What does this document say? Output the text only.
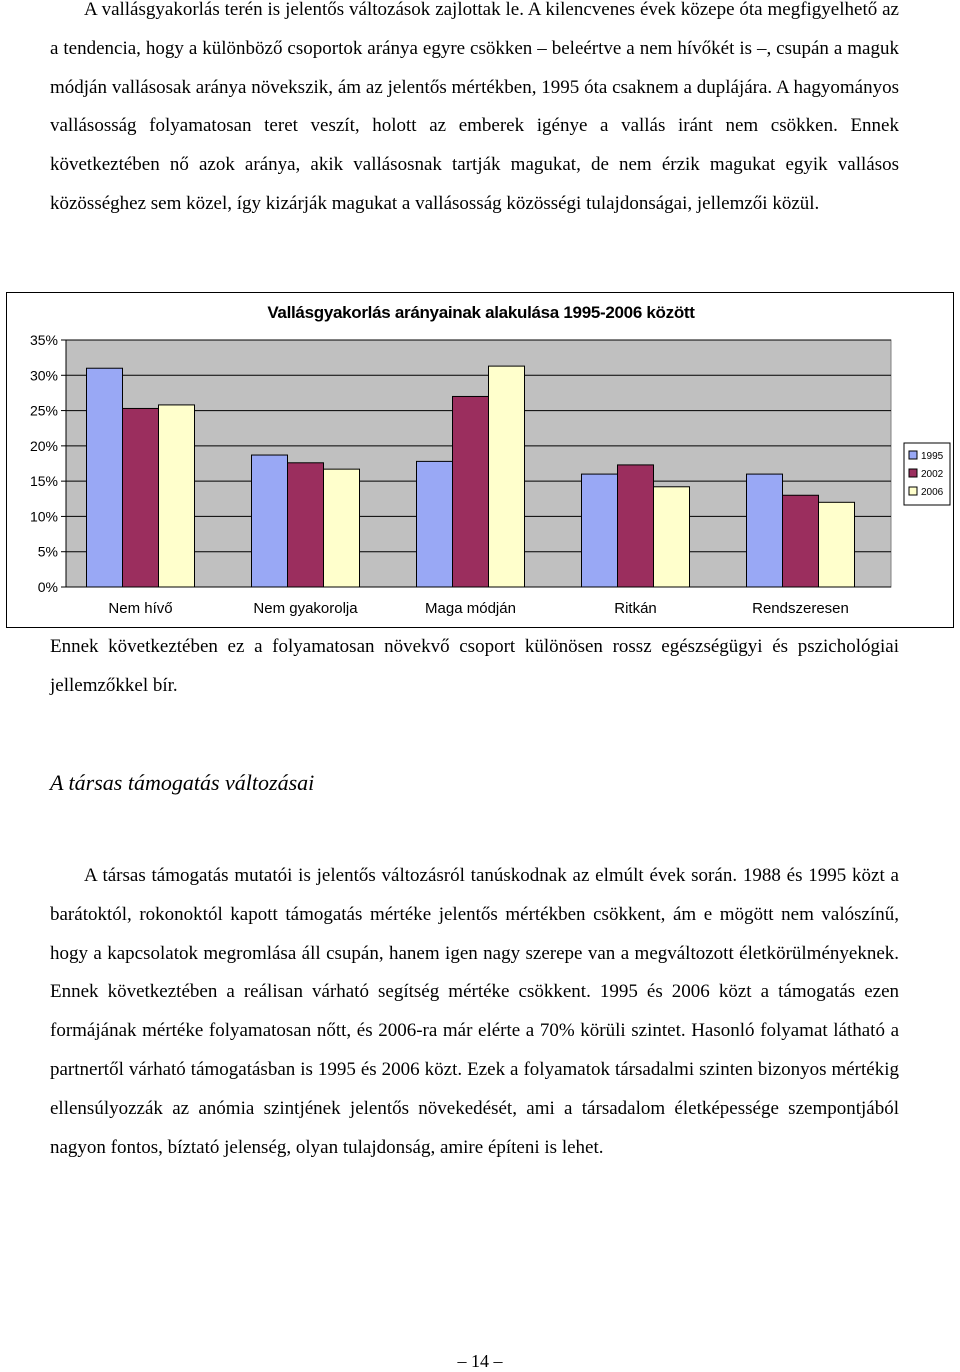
A vallásgyakorlás terén is jelentős változások zajlottak le. A kilencvenes évek közepe óta megfigyelhető az a tendencia, hogy a különböző csoportok aránya egyre csökken – beleértve a nem hívőkét is –, csupán a maguk módján vallásosak aránya növekszik, ám az jelentős mértékben, 1995 óta csaknem a duplájára. A hagyományos vallásosság folyamatosan teret veszít, holott az emberek igénye a vallás iránt nem csökken. Ennek következtében nő azok aránya, akik vallásosnak tartják magukat, de nem érzik magukat egyik vallásos közösséghez sem közel, így kizárják magukat a vallásosság közösségi tulajdonságai, jellemzői közül.

Vallásgyakorlás arányainak alakulása 1995-2006 között
0%
5%
10%
15%
20%
25%
30%
35%
Nem hívő	Nem gyakorolja	Maga módján	Ritkán	Rendszeresen
1995
2002
2006

Ennek következtében ez a folyamatosan növekvő csoport különösen rossz egészségügyi és pszichológiai jellemzőkkel bír.

A társas támogatás változásai

A társas támogatás mutatói is jelentős változásról tanúskodnak az elmúlt évek során. 1988 és 1995 közt a barátoktól, rokonoktól kapott támogatás mértéke jelentős mértékben csökkent, ám e mögött nem valószínű, hogy a kapcsolatok megromlása áll csupán, hanem igen nagy szerepe van a megváltozott életkörülményeknek. Ennek következtében a reálisan várható segítség mértéke csökkent. 1995 és 2006 közt a támogatás ezen formájának mértéke folyamatosan nőtt, és 2006-ra már elérte a 70% körüli szintet. Hasonló folyamat látható a partnertől várható támogatásban is 1995 és 2006 közt. Ezek a folyamatok társadalmi szinten bizonyos mértékig ellensúlyozzák az anómia szintjének jelentős növekedését, ami a társadalom életképessége szempontjából nagyon fontos, bíztató jelenség, olyan tulajdonság, amire építeni is lehet.

– 14 –
